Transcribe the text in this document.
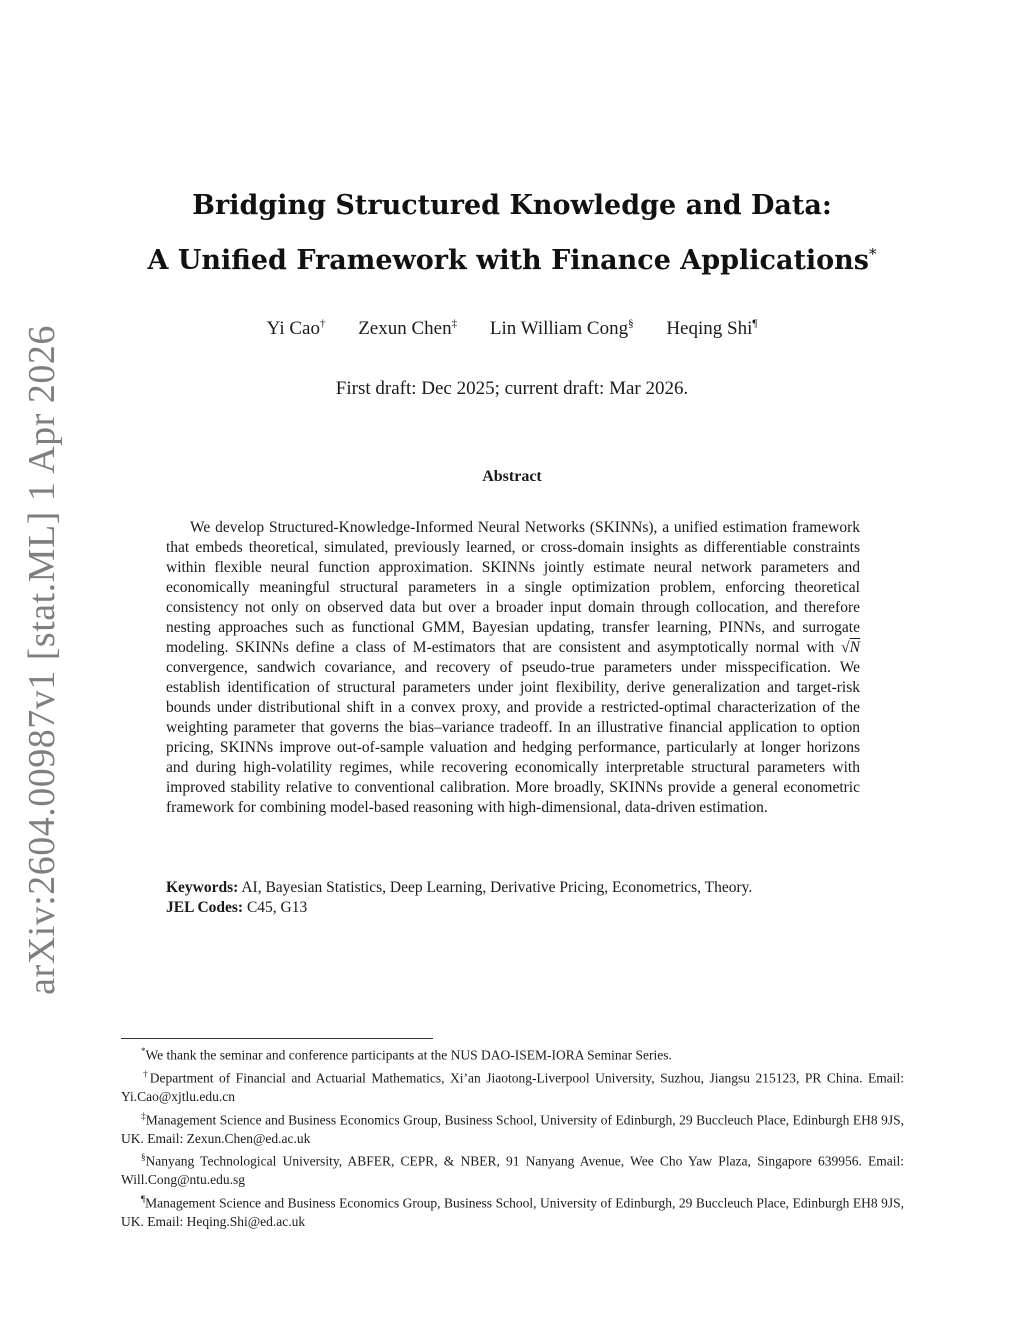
arXiv:2604.00987v1 [stat.ML] 1 Apr 2026
Bridging Structured Knowledge and Data:
A Unified Framework with Finance Applications*
Yi Cao† Zexun Chen‡ Lin William Cong§ Heqing Shi¶
First draft: Dec 2025; current draft: Mar 2026.
Abstract

We develop Structured-Knowledge-Informed Neural Networks (SKINNs), a unified estimation framework that embeds theoretical, simulated, previously learned, or cross-domain insights as differentiable constraints within flexible neural function approximation. SKINNs jointly estimate neural network parameters and economically meaningful structural parameters in a single optimization problem, enforcing theoretical consistency not only on observed data but over a broader input domain through collocation, and therefore nesting approaches such as functional GMM, Bayesian updating, transfer learning, PINNs, and surrogate modeling. SKINNs define a class of M-estimators that are consistent and asymptotically normal with √N convergence, sandwich covariance, and recovery of pseudo-true parameters under misspecification. We establish identification of structural parameters under joint flexibility, derive generalization and target-risk bounds under distributional shift in a convex proxy, and provide a restricted-optimal characterization of the weighting parameter that governs the bias–variance tradeoff. In an illustrative financial application to option pricing, SKINNs improve out-of-sample valuation and hedging performance, particularly at longer horizons and during high-volatility regimes, while recovering economically interpretable structural parameters with improved stability relative to conventional calibration. More broadly, SKINNs provide a general econometric framework for combining model-based reasoning with high-dimensional, data-driven estimation.

Keywords: AI, Bayesian Statistics, Deep Learning, Derivative Pricing, Econometrics, Theory.
JEL Codes: C45, G13

*We thank the seminar and conference participants at the NUS DAO-ISEM-IORA Seminar Series.

†Department of Financial and Actuarial Mathematics, Xi’an Jiaotong-Liverpool University, Suzhou, Jiangsu 215123, PR China. Email: Yi.Cao@xjtlu.edu.cn

‡Management Science and Business Economics Group, Business School, University of Edinburgh, 29 Buccleuch Place, Edinburgh EH8 9JS, UK. Email: Zexun.Chen@ed.ac.uk

§Nanyang Technological University, ABFER, CEPR, & NBER, 91 Nanyang Avenue, Wee Cho Yaw Plaza, Singapore 639956. Email: Will.Cong@ntu.edu.sg

¶Management Science and Business Economics Group, Business School, University of Edinburgh, 29 Buccleuch Place, Edinburgh EH8 9JS, UK. Email: Heqing.Shi@ed.ac.uk
